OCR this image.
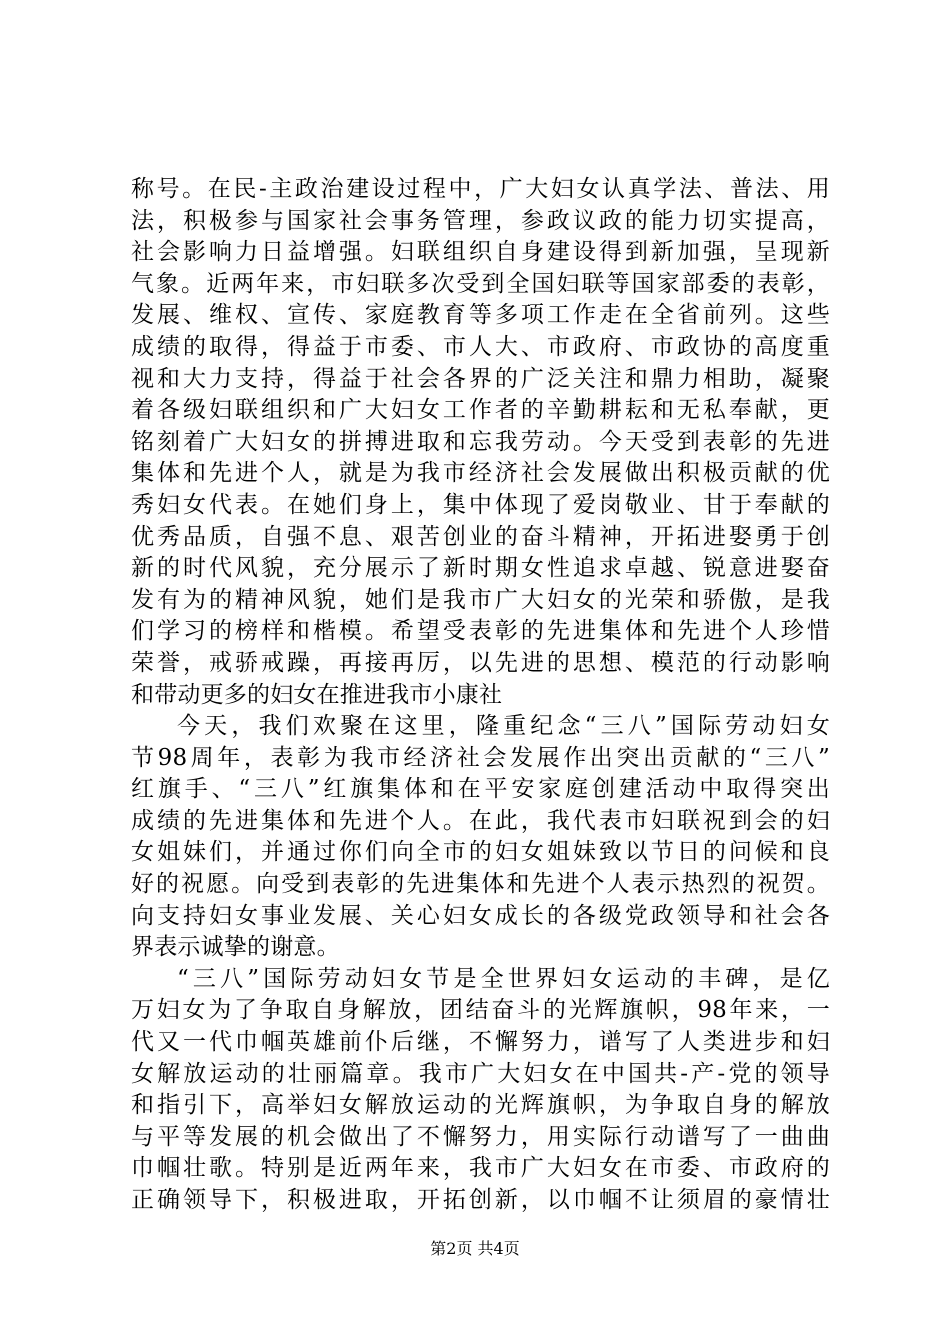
称号。在民-主政治建设过程中，广大妇女认真学法、普法、用
法，积极参与国家社会事务管理，参政议政的能力切实提高，
社会影响力日益增强。妇联组织自身建设得到新加强，呈现新
气象。近两年来，市妇联多次受到全国妇联等国家部委的表彰，
发展、维权、宣传、家庭教育等多项工作走在全省前列。这些
成绩的取得，得益于市委、市人大、市政府、市政协的高度重
视和大力支持，得益于社会各界的广泛关注和鼎力相助，凝聚
着各级妇联组织和广大妇女工作者的辛勤耕耘和无私奉献，更
铭刻着广大妇女的拼搏进取和忘我劳动。今天受到表彰的先进
集体和先进个人，就是为我市经济社会发展做出积极贡献的优
秀妇女代表。在她们身上，集中体现了爱岗敬业、甘于奉献的
优秀品质，自强不息、艰苦创业的奋斗精神，开拓进娶勇于创
新的时代风貌，充分展示了新时期女性追求卓越、锐意进娶奋
发有为的精神风貌，她们是我市广大妇女的光荣和骄傲，是我
们学习的榜样和楷模。希望受表彰的先进集体和先进个人珍惜
荣誉，戒骄戒躁，再接再厉，以先进的思想、模范的行动影响
和带动更多的妇女在推进我市小康社
今天，我们欢聚在这里，隆重纪念“三八”国际劳动妇女
节98周年，表彰为我市经济社会发展作出突出贡献的“三八”
红旗手、“三八”红旗集体和在平安家庭创建活动中取得突出
成绩的先进集体和先进个人。在此，我代表市妇联祝到会的妇
女姐妹们，并通过你们向全市的妇女姐妹致以节日的问候和良
好的祝愿。向受到表彰的先进集体和先进个人表示热烈的祝贺。
向支持妇女事业发展、关心妇女成长的各级党政领导和社会各
界表示诚挚的谢意。
“三八”国际劳动妇女节是全世界妇女运动的丰碑，是亿
万妇女为了争取自身解放，团结奋斗的光辉旗帜，98年来，一
代又一代巾帼英雄前仆后继，不懈努力，谱写了人类进步和妇
女解放运动的壮丽篇章。我市广大妇女在中国共-产-党的领导
和指引下，高举妇女解放运动的光辉旗帜，为争取自身的解放
与平等发展的机会做出了不懈努力，用实际行动谱写了一曲曲
巾帼壮歌。特别是近两年来，我市广大妇女在市委、市政府的
正确领导下，积极进取，开拓创新，以巾帼不让须眉的豪情壮
第2页 共4页
